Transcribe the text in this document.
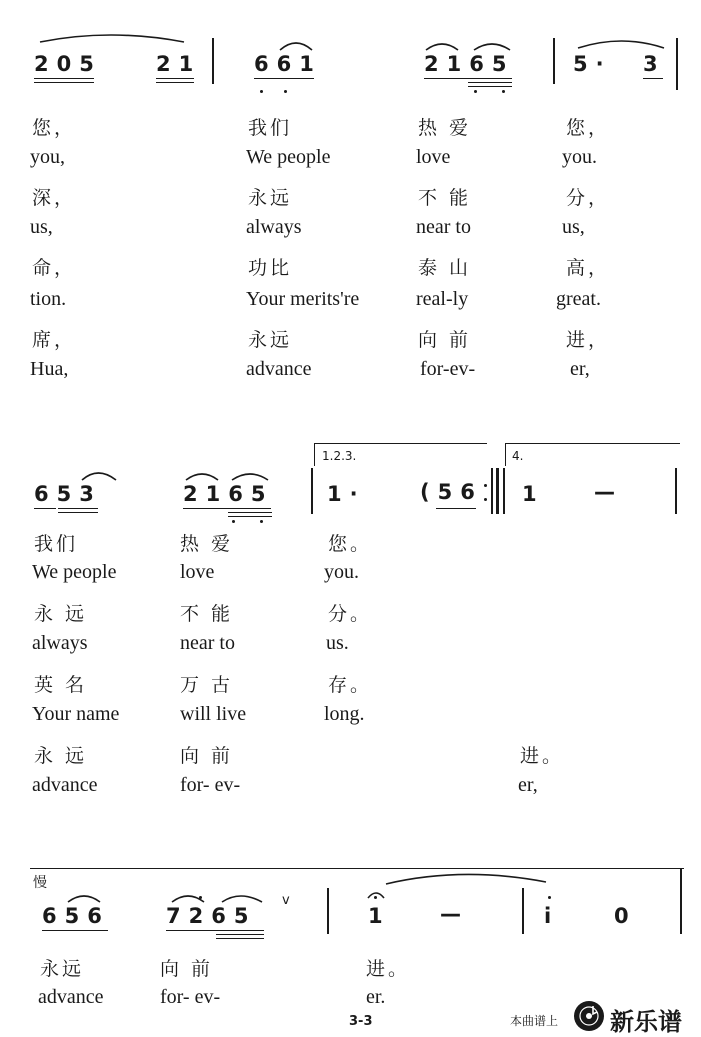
205	21	661	2165	5· 3
您，	我们	热 爱	您，
you,	We people	love	you.
深，	永远	不 能	分，
us,	always	near to	us,
命，	功比	泰 山	高，
tion.	Your merits're	real-ly	great.
席，	永远	向 前	进，
Hua,	advance	for-ev-	er,
1.2.3.	4.
653	2165	1·	(56 1 —
我们	热 爱	您。
We people	love	you.
永 远	不 能	分。
always	near to	us.
英 名	万 古	存。
Your name	will live	long.
永 远	向 前	进。
advance	for- ev-	er,
慢
656	7265
v
1 —	i	0
永远	向 前	进。
advance	for- ev-	er.
3-3	本曲谱上 新乐谱
